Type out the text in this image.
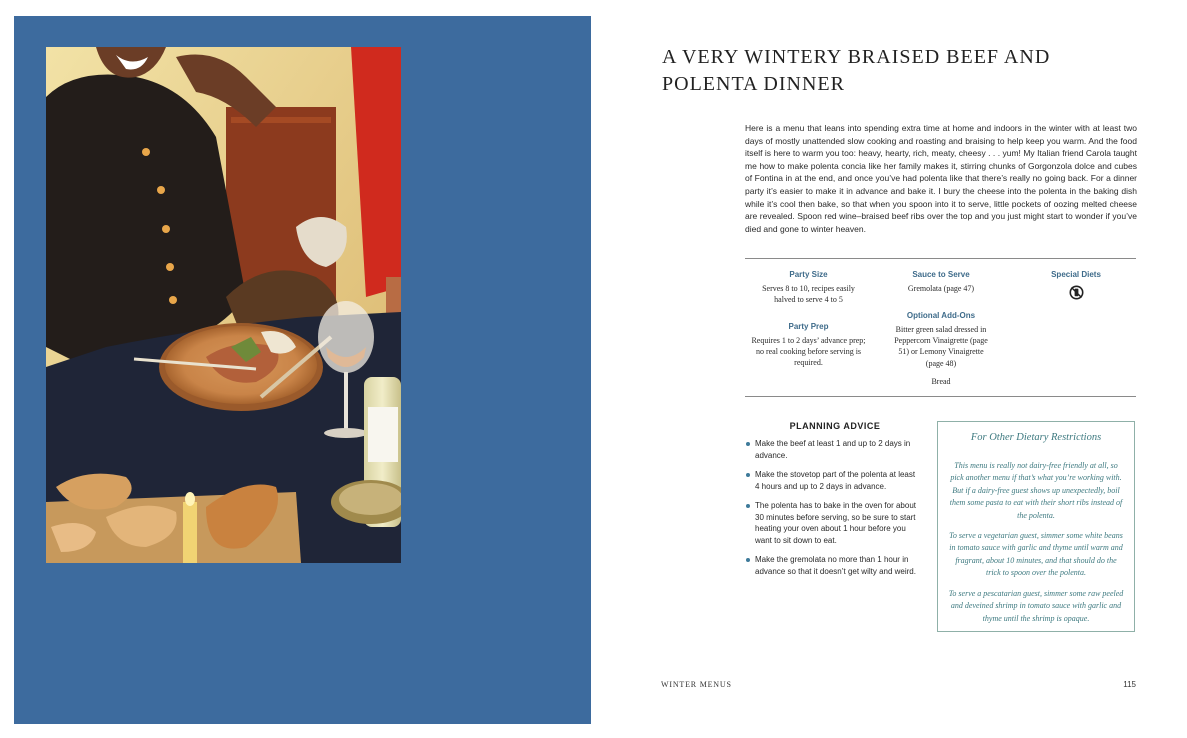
A VERY WINTERY BRAISED BEEF AND POLENTA DINNER

Here is a menu that leans into spending extra time at home and indoors in the winter with at least two days of mostly unattended slow cooking and roasting and braising to help keep you warm. And the food itself is here to warm you too: heavy, hearty, rich, meaty, cheesy . . . yum! My Italian friend Carola taught me how to make polenta concia like her family makes it, stirring chunks of Gorgonzola dolce and cubes of Fontina in at the end, and once you’ve had polenta like that there’s really no going back. For a dinner party it’s easier to make it in advance and bake it. I bury the cheese into the polenta in the baking dish while it’s cool then bake, so that when you spoon into it to serve, little pockets of oozing melted cheese are revealed. Spoon red wine–braised beef ribs over the top and you just might start to wonder if you’ve died and gone to winter heaven.

Party Size
Serves 8 to 10, recipes easily halved to serve 4 to 5
Party Prep
Requires 1 to 2 days’ advance prep; no real cooking before serving is required.
Sauce to Serve
Gremolata (page 47)
Optional Add-Ons
Bitter green salad dressed in Peppercorn Vinaigrette (page 51) or Lemony Vinaigrette (page 48)
Bread
Special Diets
PLANNING ADVICE
Make the beef at least 1 and up to 2 days in advance.
Make the stovetop part of the polenta at least 4 hours and up to 2 days in advance.
The polenta has to bake in the oven for about 30 minutes before serving, so be sure to start heating your oven about 1 hour before you want to sit down to eat.
Make the gremolata no more than 1 hour in advance so that it doesn’t get wilty and weird.
For Other Dietary Restrictions
This menu is really not dairy-free friendly at all, so pick another menu if that’s what you’re working with. But if a dairy-free guest shows up unexpectedly, boil them some pasta to eat with their short ribs instead of the polenta.
To serve a vegetarian guest, simmer some white beans in tomato sauce with garlic and thyme until warm and fragrant, about 10 minutes, and that should do the trick to spoon over the polenta.
To serve a pescatarian guest, simmer some raw peeled and deveined shrimp in tomato sauce with garlic and thyme until the shrimp is opaque.
WINTER MENUS	115
